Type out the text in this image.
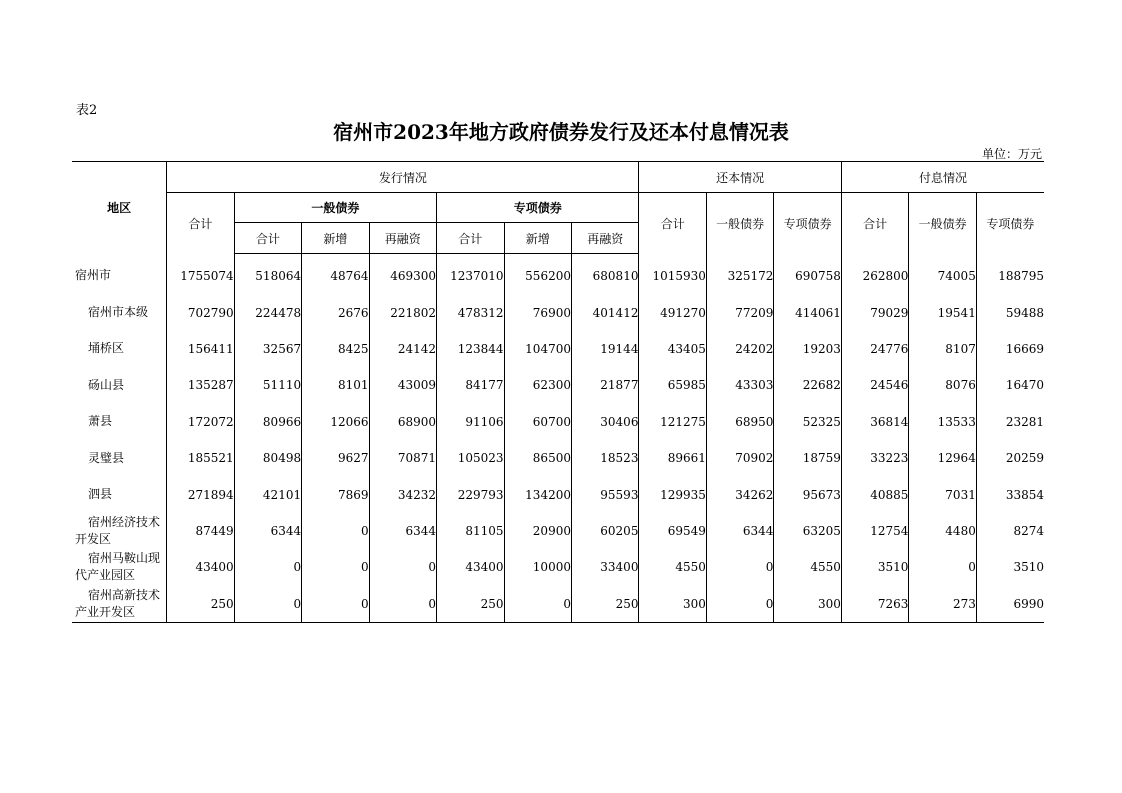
表2
宿州市2023年地方政府债券发行及还本付息情况表
单位：万元
地区	发行情况							还本情况			付息情况		
	合计	一般债券			专项债券			合计	一般债券	专项债券	合计	一般债券	专项债券
		合计	新增	再融资	合计	新增	再融资						
宿州市	1755074	518064	48764	469300	1237010	556200	680810	1015930	325172	690758	262800	74005	188795
宿州市本级	702790	224478	2676	221802	478312	76900	401412	491270	77209	414061	79029	19541	59488
埇桥区	156411	32567	8425	24142	123844	104700	19144	43405	24202	19203	24776	8107	16669
砀山县	135287	51110	8101	43009	84177	62300	21877	65985	43303	22682	24546	8076	16470
萧县	172072	80966	12066	68900	91106	60700	30406	121275	68950	52325	36814	13533	23281
灵璧县	185521	80498	9627	70871	105023	86500	18523	89661	70902	18759	33223	12964	20259
泗县	271894	42101	7869	34232	229793	134200	95593	129935	34262	95673	40885	7031	33854
宿州经济技术开发区	87449	6344	0	6344	81105	20900	60205	69549	6344	63205	12754	4480	8274
宿州马鞍山现代产业园区	43400	0	0	0	43400	10000	33400	4550	0	4550	3510	0	3510
宿州高新技术产业开发区	250	0	0	0	250	0	250	300	0	300	7263	273	6990
